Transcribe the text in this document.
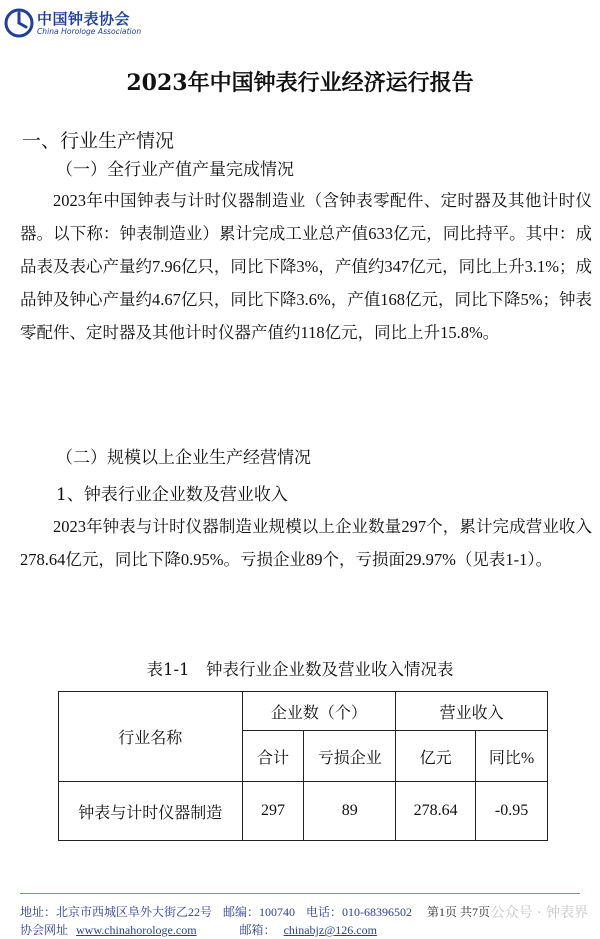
中国钟表协会
China Horologe Association
2023年中国钟表行业经济运行报告
一、行业生产情况
（一）全行业产值产量完成情况
2023年中国钟表与计时仪器制造业（含钟表零配件、定时器及其他计时仪器。以下称：钟表制造业）累计完成工业总产值633亿元，同比持平。其中：成品表及表心产量约7.96亿只，同比下降3%，产值约347亿元，同比上升3.1%；成品钟及钟心产量约4.67亿只，同比下降3.6%，产值168亿元，同比下降5%；钟表零配件、定时器及其他计时仪器产值约118亿元，同比上升15.8%。
（二）规模以上企业生产经营情况
1、钟表行业企业数及营业收入
2023年钟表与计时仪器制造业规模以上企业数量297个，累计完成营业收入278.64亿元，同比下降0.95%。亏损企业89个，亏损面29.97%（见表1-1）。
表1-1　钟表行业企业数及营业收入情况表
行业名称	企业数（个）		营业收入	
	合计	亏损企业	亿元	同比%
钟表与计时仪器制造	297	89	278.64	-0.95
地址：北京市西城区阜外大街乙22号 邮编：100740 电话：010-68396502
协会网址 www.chinahorologe.com	邮箱： chinabjz@126.com
第1页 共7页 公众号 · 钟表界
